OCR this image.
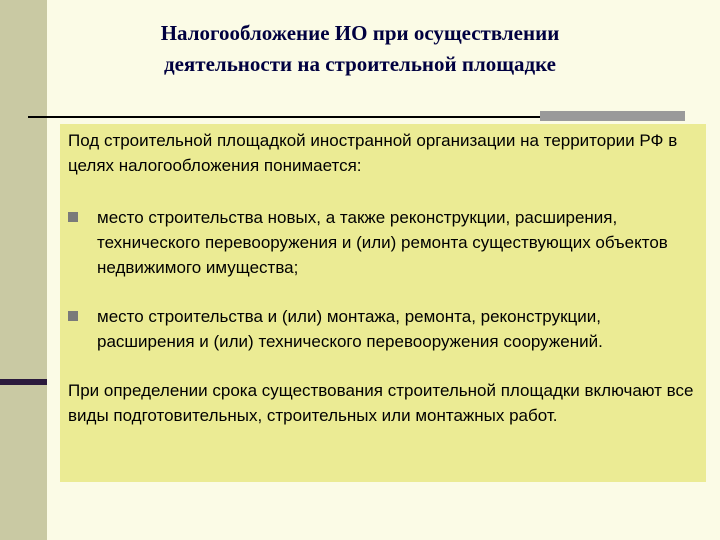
Налогообложение ИО при осуществлении
деятельности на строительной площадке
Под строительной площадкой иностранной организации на территории РФ в целях налогообложения понимается:
место строительства новых, а также реконструкции, расширения, технического перевооружения и (или) ремонта существующих объектов недвижимого имущества;
место строительства и (или) монтажа, ремонта, реконструкции, расширения и (или) технического перевооружения сооружений.
При определении срока существования строительной площадки включают все виды подготовительных, строительных или монтажных работ.
